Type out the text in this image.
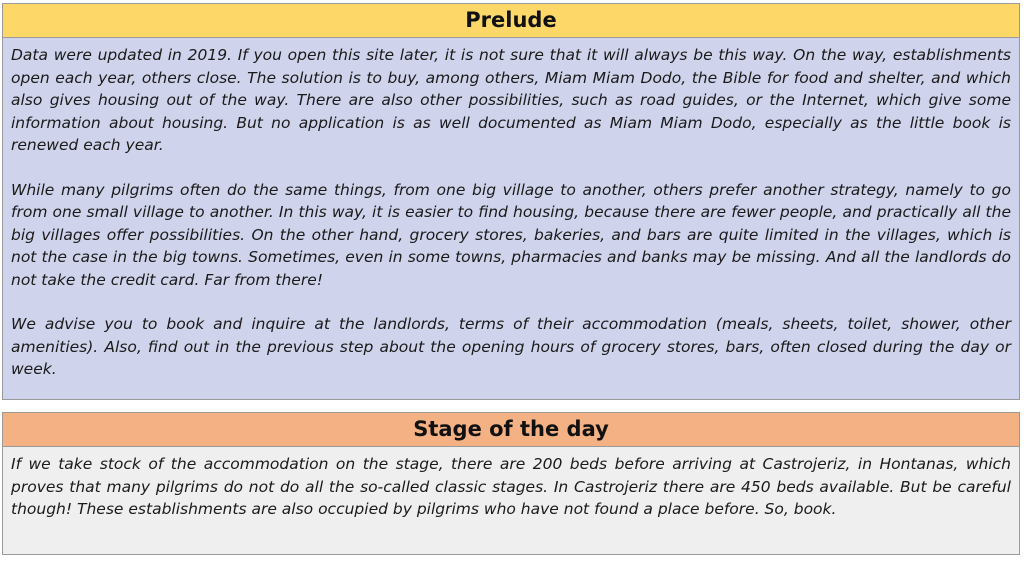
Prelude

Data were updated in 2019. If you open this site later, it is not sure that it will always be this way. On the way, establishments open each year, others close. The solution is to buy, among others, Miam Miam Dodo, the Bible for food and shelter, and which also gives housing out of the way. There are also other possibilities, such as road guides, or the Internet, which give some information about housing. But no application is as well documented as Miam Miam Dodo, especially as the little book is renewed each year.

While many pilgrims often do the same things, from one big village to another, others prefer another strategy, namely to go from one small village to another. In this way, it is easier to find housing, because there are fewer people, and practically all the big villages offer possibilities. On the other hand, grocery stores, bakeries, and bars are quite limited in the villages, which is not the case in the big towns. Sometimes, even in some towns, pharmacies and banks may be missing. And all the landlords do not take the credit card. Far from there!

We advise you to book and inquire at the landlords, terms of their accommodation (meals, sheets, toilet, shower, other amenities). Also, find out in the previous step about the opening hours of grocery stores, bars, often closed during the day or week.

Stage of the day

If we take stock of the accommodation on the stage, there are 200 beds before arriving at Castrojeriz, in Hontanas, which proves that many pilgrims do not do all the so-called classic stages. In Castrojeriz there are 450 beds available. But be careful though! These establishments are also occupied by pilgrims who have not found a place before. So, book.
